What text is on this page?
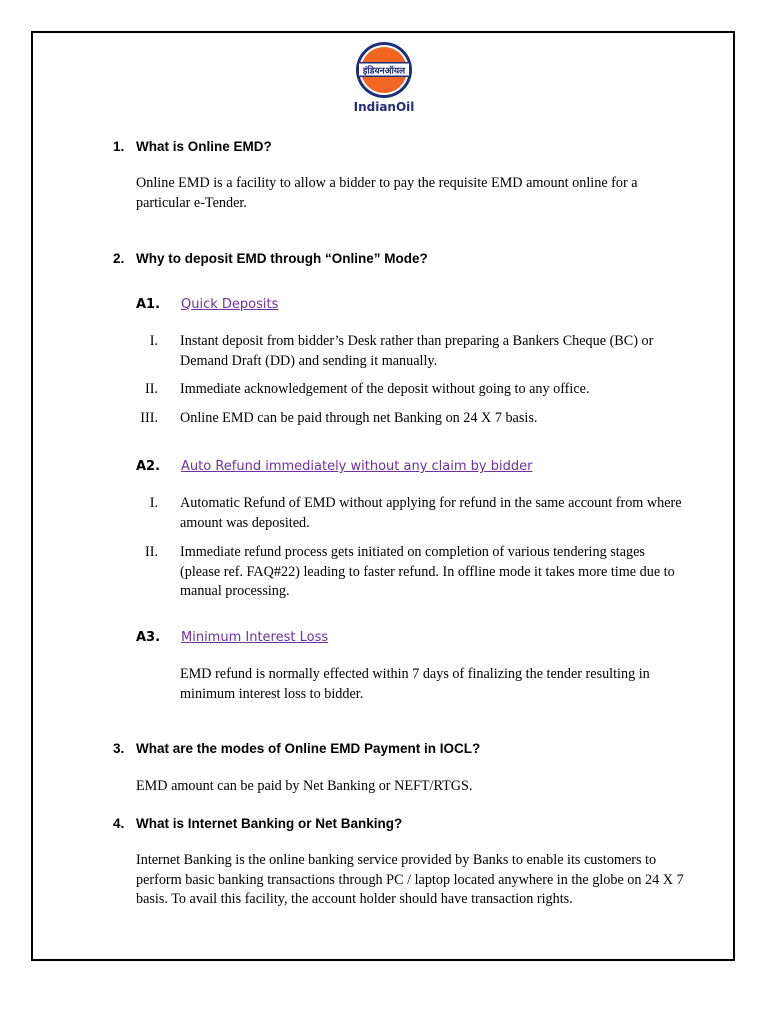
इंडियनऑयल
IndianOil
1. What is Online EMD?
Online EMD is a facility to allow a bidder to pay the requisite EMD amount online for a particular e-Tender.
2. Why to deposit EMD through “Online” Mode?
A1. Quick Deposits
I. Instant deposit from bidder’s Desk rather than preparing a Bankers Cheque (BC) or Demand Draft (DD) and sending it manually.
II. Immediate acknowledgement of the deposit without going to any office.
III. Online EMD can be paid through net Banking on 24 X 7 basis.
A2. Auto Refund immediately without any claim by bidder
I. Automatic Refund of EMD without applying for refund in the same account from where amount was deposited.
II. Immediate refund process gets initiated on completion of various tendering stages (please ref. FAQ#22) leading to faster refund. In offline mode it takes more time due to manual processing.
A3. Minimum Interest Loss
EMD refund is normally effected within 7 days of finalizing the tender resulting in minimum interest loss to bidder.
3. What are the modes of Online EMD Payment in IOCL?
EMD amount can be paid by Net Banking or NEFT/RTGS.
4. What is Internet Banking or Net Banking?
Internet Banking is the online banking service provided by Banks to enable its customers to perform basic banking transactions through PC / laptop located anywhere in the globe on 24 X 7 basis. To avail this facility, the account holder should have transaction rights.
